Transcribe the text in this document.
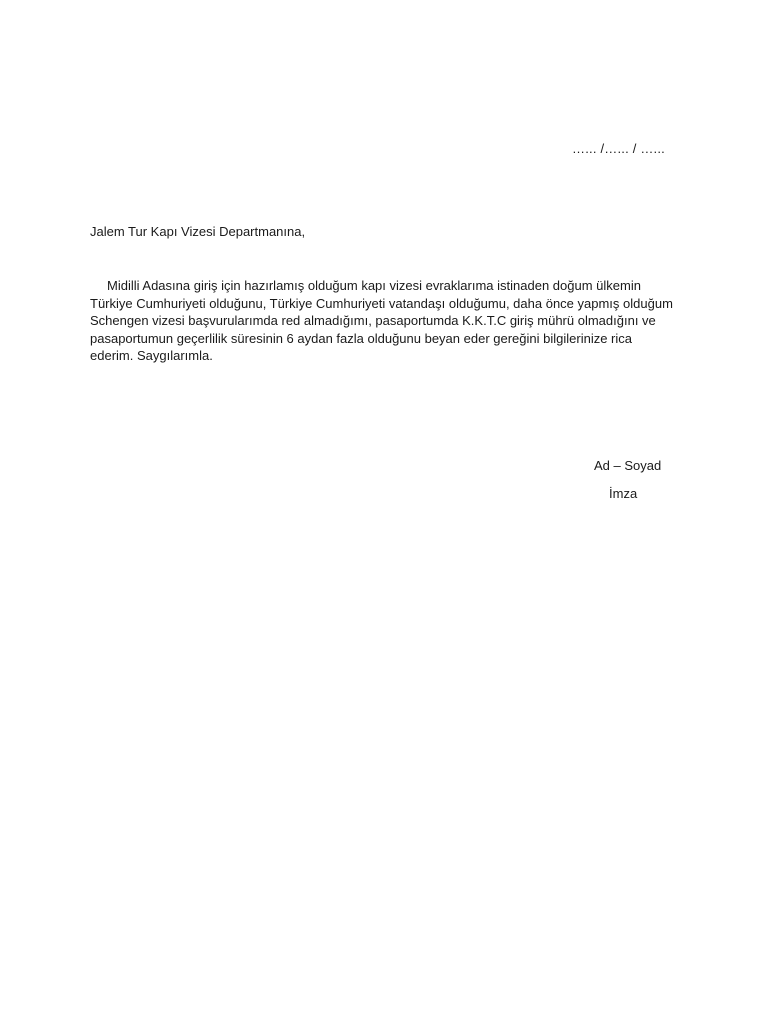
…... /…... / …...
Jalem Tur Kapı Vizesi Departmanına,
Midilli Adasına giriş için hazırlamış olduğum kapı vizesi evraklarıma istinaden doğum ülkemin
Türkiye Cumhuriyeti olduğunu, Türkiye Cumhuriyeti vatandaşı olduğumu, daha önce yapmış olduğum
Schengen vizesi başvurularımda red almadığımı, pasaportumda K.K.T.C giriş mührü olmadığını ve
pasaportumun geçerlilik süresinin 6 aydan fazla olduğunu beyan eder gereğini bilgilerinize rica
ederim. Saygılarımla.
Ad – Soyad
İmza
